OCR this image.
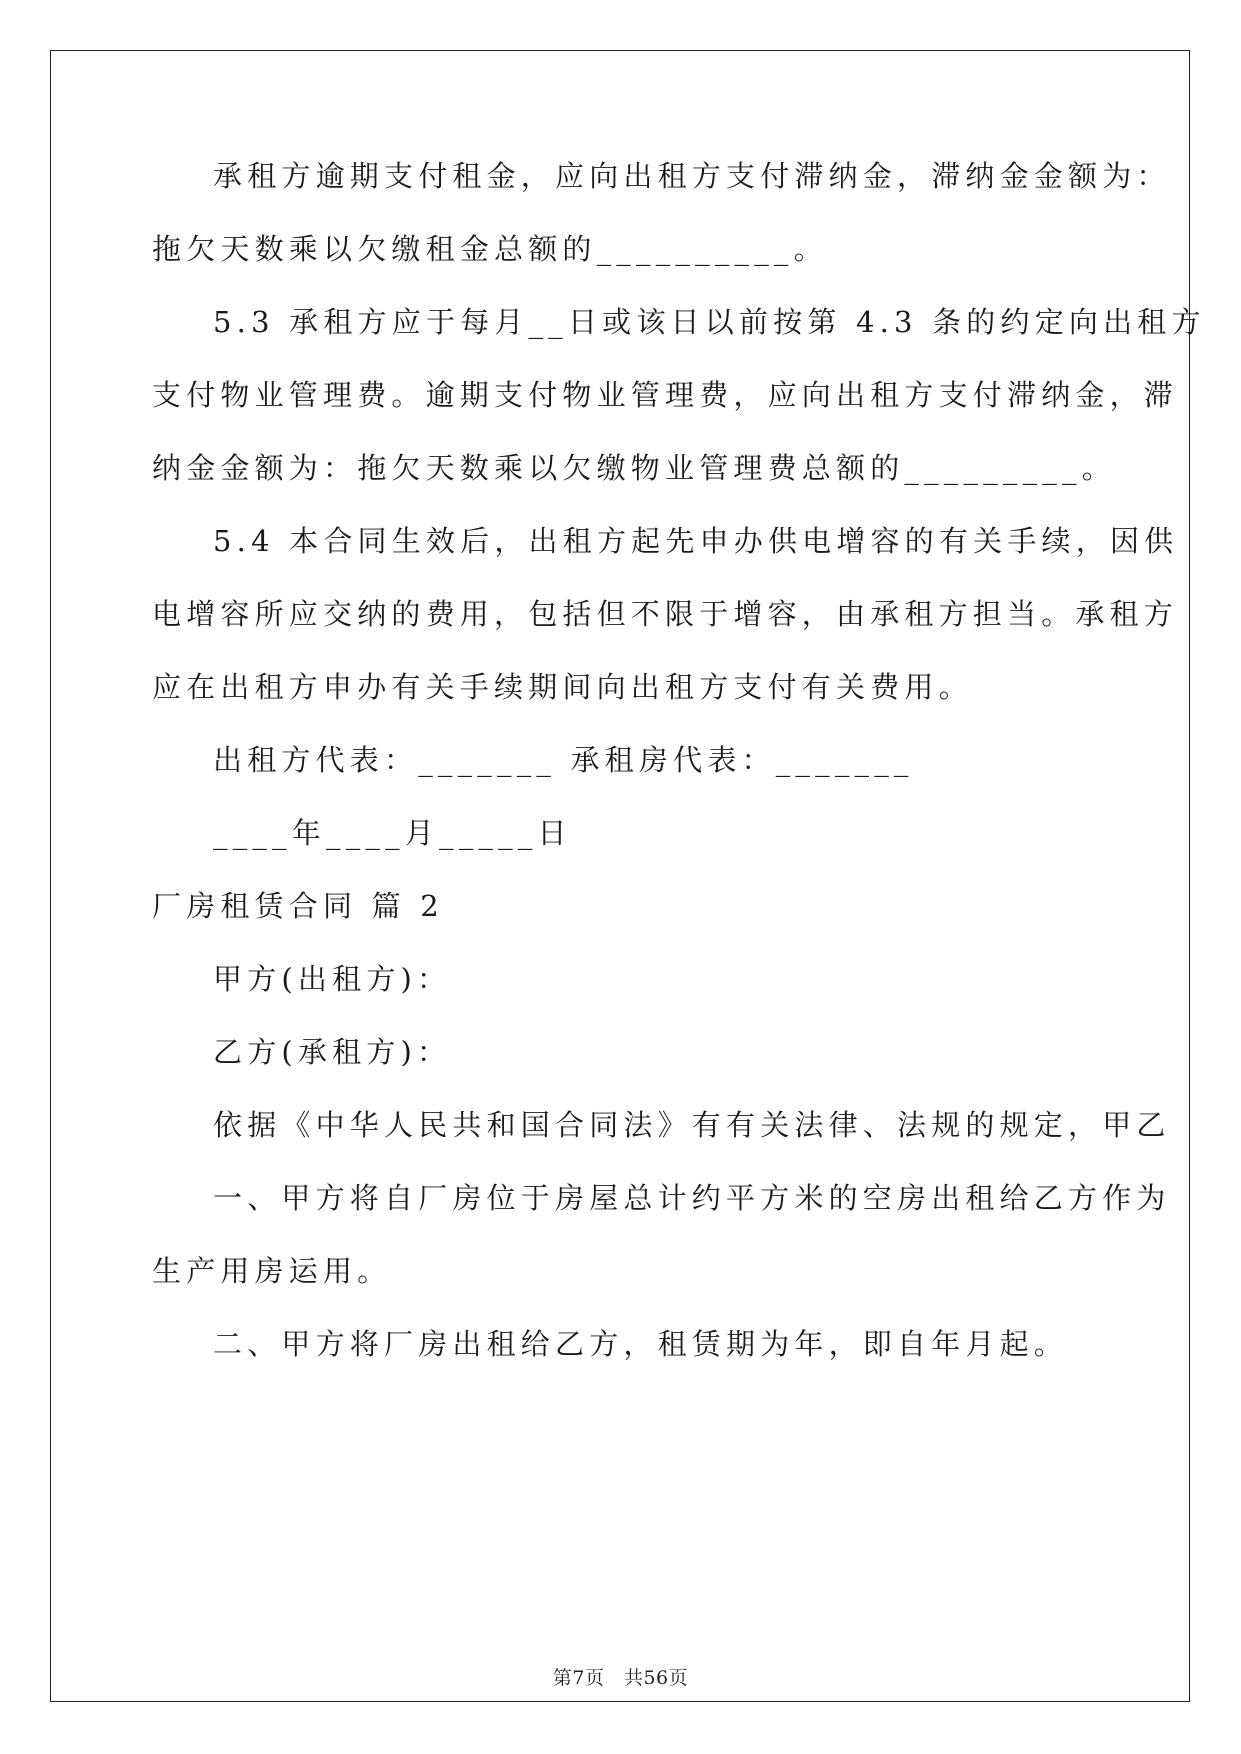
承租方逾期支付租金，应向出租方支付滞纳金，滞纳金金额为：
拖欠天数乘以欠缴租金总额的__________。
5.3 承租方应于每月__日或该日以前按第 4.3 条的约定向出租方
支付物业管理费。逾期支付物业管理费，应向出租方支付滞纳金，滞
纳金金额为：拖欠天数乘以欠缴物业管理费总额的_________。
5.4 本合同生效后，出租方起先申办供电增容的有关手续，因供
电增容所应交纳的费用，包括但不限于增容，由承租方担当。承租方
应在出租方申办有关手续期间向出租方支付有关费用。
出租方代表：_______ 承租房代表：_______
____年____月_____日
厂房租赁合同 篇 2
甲方(出租方)：
乙方(承租方)：
依据《中华人民共和国合同法》有有关法律、法规的规定，甲乙
一、甲方将自厂房位于房屋总计约平方米的空房出租给乙方作为
生产用房运用。
二、甲方将厂房出租给乙方，租赁期为年，即自年月起。
第7页　共56页
